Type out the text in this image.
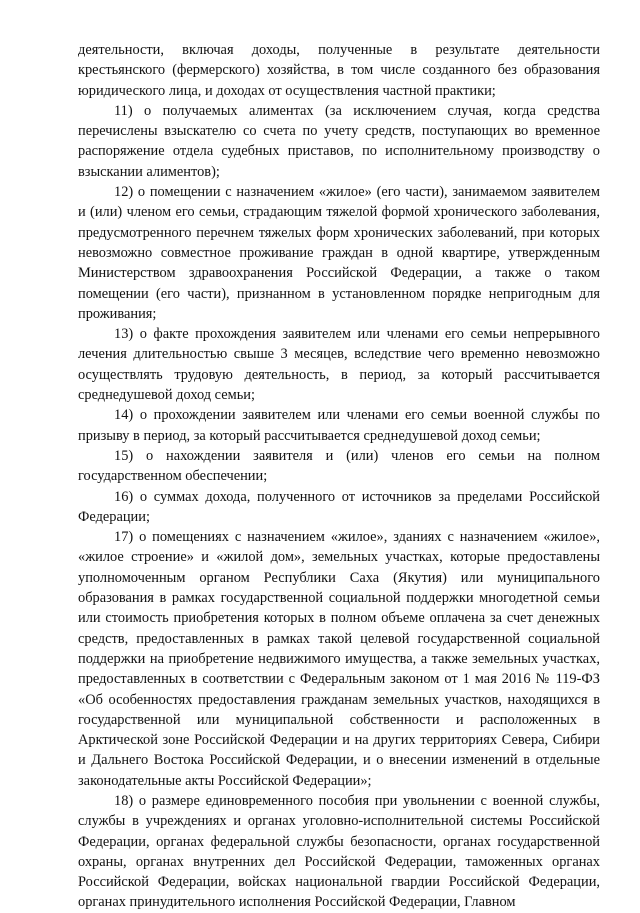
деятельности, включая доходы, полученные в результате деятельности крестьянского (фермерского) хозяйства, в том числе созданного без образования юридического лица, и доходах от осуществления частной практики;

11) о получаемых алиментах (за исключением случая, когда средства перечислены взыскателю со счета по учету средств, поступающих во временное распоряжение отдела судебных приставов, по исполнительному производству о взыскании алиментов);

12) о помещении с назначением «жилое» (его части), занимаемом заявителем и (или) членом его семьи, страдающим тяжелой формой хронического заболевания, предусмотренного перечнем тяжелых форм хронических заболеваний, при которых невозможно совместное проживание граждан в одной квартире, утвержденным Министерством здравоохранения Российской Федерации, а также о таком помещении (его части), признанном в установленном порядке непригодным для проживания;

13) о факте прохождения заявителем или членами его семьи непрерывного лечения длительностью свыше 3 месяцев, вследствие чего временно невозможно осуществлять трудовую деятельность, в период, за который рассчитывается среднедушевой доход семьи;

14) о прохождении заявителем или членами его семьи военной службы по призыву в период, за который рассчитывается среднедушевой доход семьи;

15) о нахождении заявителя и (или) членов его семьи на полном государственном обеспечении;

16) о суммах дохода, полученного от источников за пределами Российской Федерации;

17) о помещениях с назначением «жилое», зданиях с назначением «жилое», «жилое строение» и «жилой дом», земельных участках, которые предоставлены уполномоченным органом Республики Саха (Якутия) или муниципального образования в рамках государственной социальной поддержки многодетной семьи или стоимость приобретения которых в полном объеме оплачена за счет денежных средств, предоставленных в рамках такой целевой государственной социальной поддержки на приобретение недвижимого имущества, а также земельных участках, предоставленных в соответствии с Федеральным законом от 1 мая 2016 № 119-ФЗ «Об особенностях предоставления гражданам земельных участков, находящихся в государственной или муниципальной собственности и расположенных в Арктической зоне Российской Федерации и на других территориях Севера, Сибири и Дальнего Востока Российской Федерации, и о внесении изменений в отдельные законодательные акты Российской Федерации»;

18) о размере единовременного пособия при увольнении с военной службы, службы в учреждениях и органах уголовно-исполнительной системы Российской Федерации, органах федеральной службы безопасности, органах государственной охраны, органах внутренних дел Российской Федерации, таможенных органах Российской Федерации, войсках национальной гвардии Российской Федерации, органах принудительного исполнения Российской Федерации, Главном
